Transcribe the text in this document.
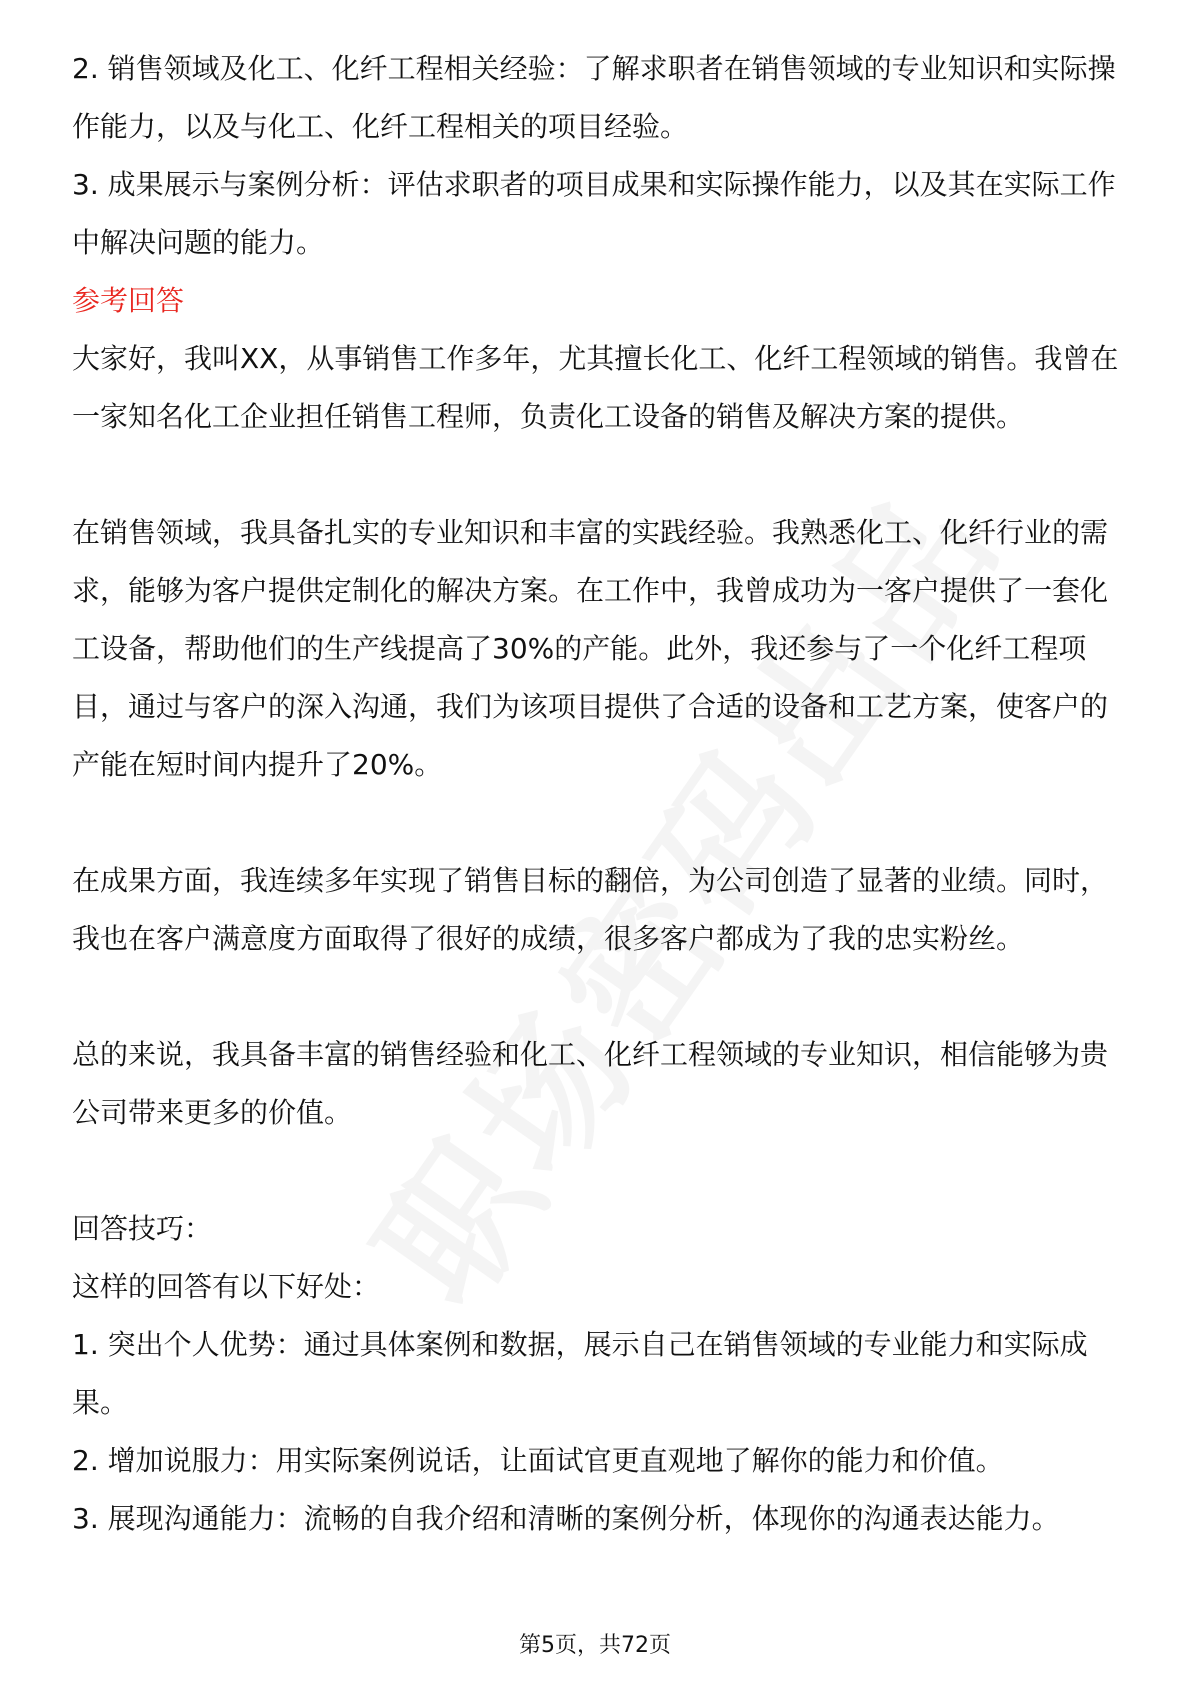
2. 销售领域及化工、化纤工程相关经验：了解求职者在销售领域的专业知识和实际操作能力，以及与化工、化纤工程相关的项目经验。

3. 成果展示与案例分析：评估求职者的项目成果和实际操作能力，以及其在实际工作中解决问题的能力。

参考回答

大家好，我叫XX，从事销售工作多年，尤其擅长化工、化纤工程领域的销售。我曾在一家知名化工企业担任销售工程师，负责化工设备的销售及解决方案的提供。

在销售领域，我具备扎实的专业知识和丰富的实践经验。我熟悉化工、化纤行业的需求，能够为客户提供定制化的解决方案。在工作中，我曾成功为一客户提供了一套化工设备，帮助他们的生产线提高了30%的产能。此外，我还参与了一个化纤工程项目，通过与客户的深入沟通，我们为该项目提供了合适的设备和工艺方案，使客户的产能在短时间内提升了20%。

在成果方面，我连续多年实现了销售目标的翻倍，为公司创造了显著的业绩。同时，我也在客户满意度方面取得了很好的成绩，很多客户都成为了我的忠实粉丝。

总的来说，我具备丰富的销售经验和化工、化纤工程领域的专业知识，相信能够为贵公司带来更多的价值。

回答技巧：

这样的回答有以下好处：

1. 突出个人优势：通过具体案例和数据，展示自己在销售领域的专业能力和实际成果。

2. 增加说服力：用实际案例说话，让面试官更直观地了解你的能力和价值。

3. 展现沟通能力：流畅的自我介绍和清晰的案例分析，体现你的沟通表达能力。

第5页，共72页
